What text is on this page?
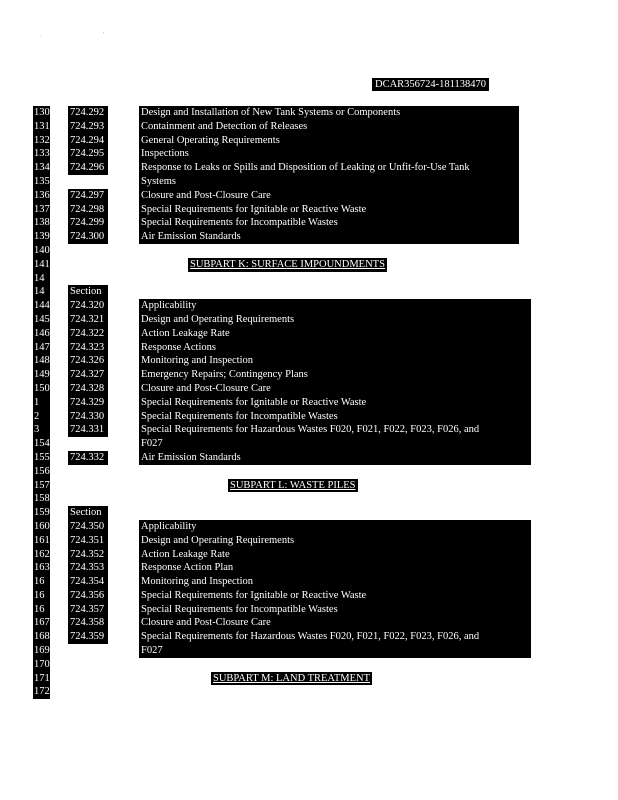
. '
DCAR356724-181138470
130 724.292	Design and Installation of New Tank Systems or Components
131 724.293	Containment and Detection of Releases
132 724.294	General Operating Requirements
133 724.295	Inspections
134 724.296	Response to Leaks or Spills and Disposition of Leaking or Unfit-for-Use Tank
135	Systems
136 724.297	Closure and Post-Closure Care
137 724.298	Special Requirements for Ignitable or Reactive Waste
138 724.299	Special Requirements for Incompatible Wastes
139 724.300	Air Emission Standards
140
141	SUBPART K: SURFACE IMPOUNDMENTS
14
14	Section
144 724.320	Applicability
145 724.321	Design and Operating Requirements
146 724.322	Action Leakage Rate
147 724.323	Response Actions
148 724.326	Monitoring and Inspection
149 724.327	Emergency Repairs; Contingency Plans
150 724.328	Closure and Post-Closure Care
1	724.329	Special Requirements for Ignitable or Reactive Waste
2	724.330	Special Requirements for Incompatible Wastes
3	724.331	Special Requirements for Hazardous Wastes F020, F021, F022, F023, F026, and
154	F027
155 724.332	Air Emission Standards
156
157	SUBPART L: WASTE PILES
158
159 Section
160 724.350	Applicability
161 724.351	Design and Operating Requirements
162 724.352	Action Leakage Rate
163 724.353	Response Action Plan
16	724.354	Monitoring and Inspection
16	724.356	Special Requirements for Ignitable or Reactive Waste
16	724.357	Special Requirements for Incompatible Wastes
167 724.358	Closure and Post-Closure Care
168 724.359	Special Requirements for Hazardous Wastes F020, F021, F022, F023, F026, and
169	F027
170
171	SUBPART M: LAND TREATMENT
172
